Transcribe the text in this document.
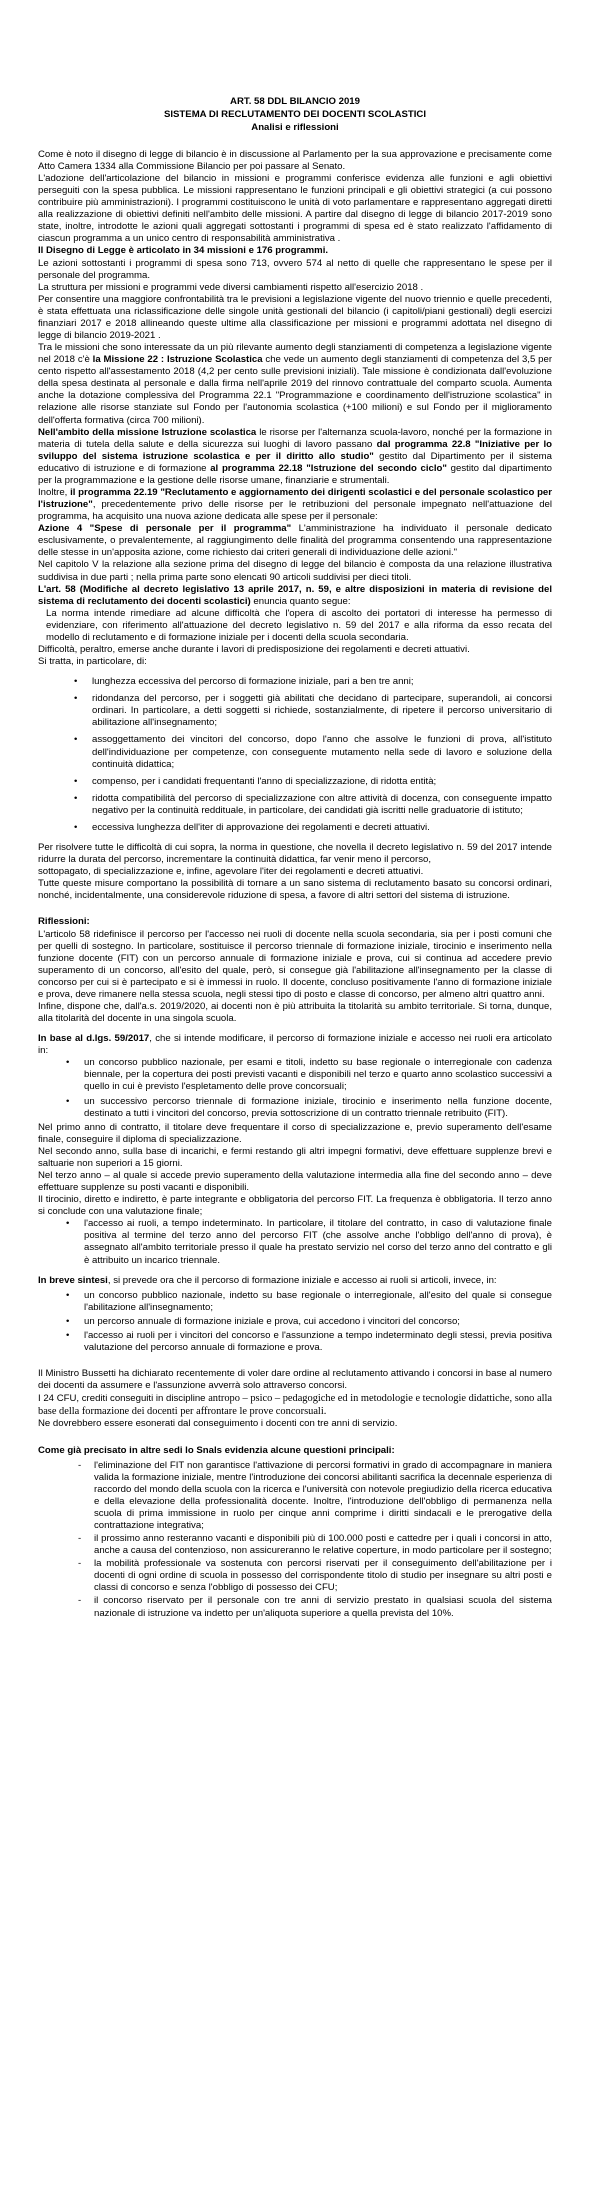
ART. 58 DDL BILANCIO 2019
SISTEMA DI RECLUTAMENTO DEI DOCENTI SCOLASTICI
Analisi e riflessioni

Come è noto il disegno di legge di bilancio è in discussione al Parlamento per la sua approvazione e precisamente come Atto Camera 1334 alla Commissione Bilancio per poi passare al Senato.

L'adozione dell'articolazione del bilancio in missioni e programmi conferisce evidenza alle funzioni e agli obiettivi perseguiti con la spesa pubblica. Le missioni rappresentano le funzioni principali e gli obiettivi strategici (a cui possono contribuire più amministrazioni). I programmi costituiscono le unità di voto parlamentare e rappresentano aggregati diretti alla realizzazione di obiettivi definiti nell'ambito delle missioni. A partire dal disegno di legge di bilancio 2017-2019 sono state, inoltre, introdotte le azioni quali aggregati sottostanti i programmi di spesa ed è stato realizzato l'affidamento di ciascun programma a un unico centro di responsabilità amministrativa .

Il Disegno di Legge è articolato in 34 missioni e 176 programmi.

Le azioni sottostanti i programmi di spesa sono 713, ovvero 574 al netto di quelle che rappresentano le spese per il personale del programma.

La struttura per missioni e programmi vede diversi cambiamenti rispetto all'esercizio 2018 .

Per consentire una maggiore confrontabilità tra le previsioni a legislazione vigente del nuovo triennio e quelle precedenti, è stata effettuata una riclassificazione delle singole unità gestionali del bilancio (i capitoli/piani gestionali) degli esercizi finanziari 2017 e 2018 allineando queste ultime alla classificazione per missioni e programmi adottata nel disegno di legge di bilancio 2019-2021 .

Tra le missioni che sono interessate da un più rilevante aumento degli stanziamenti di competenza a legislazione vigente nel 2018 c'è la Missione 22 : Istruzione Scolastica che vede un aumento degli stanziamenti di competenza del 3,5 per cento rispetto all'assestamento 2018 (4,2 per cento sulle previsioni iniziali). Tale missione è condizionata dall'evoluzione della spesa destinata al personale e dalla firma nell'aprile 2019 del rinnovo contrattuale del comparto scuola. Aumenta anche la dotazione complessiva del Programma 22.1 "Programmazione e coordinamento dell'istruzione scolastica" in relazione alle risorse stanziate sul Fondo per l'autonomia scolastica (+100 milioni) e sul Fondo per il miglioramento dell'offerta formativa (circa 700 milioni).

Nell'ambito della missione Istruzione scolastica le risorse per l'alternanza scuola-lavoro, nonché per la formazione in materia di tutela della salute e della sicurezza sui luoghi di lavoro passano dal programma 22.8 "Iniziative per lo sviluppo del sistema istruzione scolastica e per il diritto allo studio" gestito dal Dipartimento per il sistema educativo di istruzione e di formazione al programma 22.18 "Istruzione del secondo ciclo" gestito dal dipartimento per la programmazione e la gestione delle risorse umane, finanziarie e strumentali.

Inoltre, il programma 22.19 "Reclutamento e aggiornamento dei dirigenti scolastici e del personale scolastico per l'istruzione", precedentemente privo delle risorse per le retribuzioni del personale impegnato nell'attuazione del programma, ha acquisito una nuova azione dedicata alle spese per il personale:

Azione 4 "Spese di personale per il programma" L'amministrazione ha individuato il personale dedicato esclusivamente, o prevalentemente, al raggiungimento delle finalità del programma consentendo una rappresentazione delle stesse in un'apposita azione, come richiesto dai criteri generali di individuazione delle azioni."

Nel capitolo V la relazione alla sezione prima del disegno di legge del bilancio è composta da una relazione illustrativa suddivisa in due parti ; nella prima parte sono elencati 90 articoli suddivisi per dieci titoli.

L'art. 58 (Modifiche al decreto legislativo 13 aprile 2017, n. 59, e altre disposizioni in materia di revisione del sistema di reclutamento dei docenti scolastici) enuncia quanto segue:

La norma intende rimediare ad alcune difficoltà che l'opera di ascolto dei portatori di interesse ha permesso di evidenziare, con riferimento all'attuazione del decreto legislativo n. 59 del 2017 e alla riforma da esso recata del modello di reclutamento e di formazione iniziale per i docenti della scuola secondaria.

Difficoltà, peraltro, emerse anche durante i lavori di predisposizione dei regolamenti e decreti attuativi.

Si tratta, in particolare, di:

• lunghezza eccessiva del percorso di formazione iniziale, pari a ben tre anni;
• ridondanza del percorso, per i soggetti già abilitati che decidano di partecipare, superandoli, ai concorsi ordinari. In particolare, a detti soggetti si richiede, sostanzialmente, di ripetere il percorso universitario di abilitazione all'insegnamento;
• assoggettamento dei vincitori del concorso, dopo l'anno che assolve le funzioni di prova, all'istituto dell'individuazione per competenze, con conseguente mutamento nella sede di lavoro e soluzione della continuità didattica;
• compenso, per i candidati frequentanti l'anno di specializzazione, di ridotta entità;
• ridotta compatibilità del percorso di specializzazione con altre attività di docenza, con conseguente impatto negativo per la continuità reddituale, in particolare, dei candidati già iscritti nelle graduatorie di istituto;
• eccessiva lunghezza dell'iter di approvazione dei regolamenti e decreti attuativi.

Per risolvere tutte le difficoltà di cui sopra, la norma in questione, che novella il decreto legislativo n. 59 del 2017 intende ridurre la durata del percorso, incrementare la continuità didattica, far venir meno il percorso,

sottopagato, di specializzazione e, infine, agevolare l'iter dei regolamenti e decreti attuativi.

Tutte queste misure comportano la possibilità di tornare a un sano sistema di reclutamento basato su concorsi ordinari, nonché, incidentalmente, una considerevole riduzione di spesa, a favore di altri settori del sistema di istruzione.

Riflessioni:

L'articolo 58 ridefinisce il percorso per l'accesso nei ruoli di docente nella scuola secondaria, sia per i posti comuni che per quelli di sostegno. In particolare, sostituisce il percorso triennale di formazione iniziale, tirocinio e inserimento nella funzione docente (FIT) con un percorso annuale di formazione iniziale e prova, cui si continua ad accedere previo superamento di un concorso, all'esito del quale, però, si consegue già l'abilitazione all'insegnamento per la classe di concorso per cui si è partecipato e si è immessi in ruolo. Il docente, concluso positivamente l'anno di formazione iniziale e prova, deve rimanere nella stessa scuola, negli stessi tipo di posto e classe di concorso, per almeno altri quattro anni.

Infine, dispone che, dall'a.s. 2019/2020, ai docenti non è più attribuita la titolarità su ambito territoriale. Si torna, dunque, alla titolarità del docente in una singola scuola.

In base al d.lgs. 59/2017, che si intende modificare, il percorso di formazione iniziale e accesso nei ruoli era articolato in:

• un concorso pubblico nazionale, per esami e titoli, indetto su base regionale o interregionale con cadenza biennale, per la copertura dei posti previsti vacanti e disponibili nel terzo e quarto anno scolastico successivi a quello in cui è previsto l'espletamento delle prove concorsuali;
• un successivo percorso triennale di formazione iniziale, tirocinio e inserimento nella funzione docente, destinato a tutti i vincitori del concorso, previa sottoscrizione di un contratto triennale retribuito (FIT).

Nel primo anno di contratto, il titolare deve frequentare il corso di specializzazione e, previo superamento dell'esame finale, conseguire il diploma di specializzazione.

Nel secondo anno, sulla base di incarichi, e fermi restando gli altri impegni formativi, deve effettuare supplenze brevi e saltuarie non superiori a 15 giorni.

Nel terzo anno – al quale si accede previo superamento della valutazione intermedia alla fine del secondo anno – deve effettuare supplenze su posti vacanti e disponibili.

Il tirocinio, diretto e indiretto, è parte integrante e obbligatoria del percorso FIT. La frequenza è obbligatoria. Il terzo anno si conclude con una valutazione finale;

• l'accesso ai ruoli, a tempo indeterminato. In particolare, il titolare del contratto, in caso di valutazione finale positiva al termine del terzo anno del percorso FIT (che assolve anche l'obbligo dell'anno di prova), è assegnato all'ambito territoriale presso il quale ha prestato servizio nel corso del terzo anno del contratto e gli è attribuito un incarico triennale.

In breve sintesi, si prevede ora che il percorso di formazione iniziale e accesso ai ruoli si articoli, invece, in:

• un concorso pubblico nazionale, indetto su base regionale o interregionale, all'esito del quale si consegue l'abilitazione all'insegnamento;
• un percorso annuale di formazione iniziale e prova, cui accedono i vincitori del concorso;
• l'accesso ai ruoli per i vincitori del concorso e l'assunzione a tempo indeterminato degli stessi, previa positiva valutazione del percorso annuale di formazione e prova.

Il Ministro Bussetti ha dichiarato recentemente di voler dare ordine al reclutamento attivando i concorsi in base al numero dei docenti da assumere e l'assunzione avverrà solo attraverso concorsi.

I 24 CFU, crediti conseguiti in discipline antropo – psico – pedagogiche ed in metodologie e tecnologie didattiche, sono alla base della formazione dei docenti per affrontare le prove concorsuali.

Ne dovrebbero essere esonerati dal conseguimento i docenti con tre anni di servizio.

Come già precisato in altre sedi lo Snals evidenzia alcune questioni principali:

- l'eliminazione del FIT non garantisce l'attivazione di percorsi formativi in grado di accompagnare in maniera valida la formazione iniziale, mentre l'introduzione dei concorsi abilitanti sacrifica la decennale esperienza di raccordo del mondo della scuola con la ricerca e l'università con notevole pregiudizio della ricerca educativa e della elevazione della professionalità docente. Inoltre, l'introduzione dell'obbligo di permanenza nella scuola di prima immissione in ruolo per cinque anni comprime i diritti sindacali e le prerogative della contrattazione integrativa;
- il prossimo anno resteranno vacanti e disponibili più di 100.000 posti e cattedre per i quali i concorsi in atto, anche a causa del contenzioso, non assicureranno le relative coperture, in modo particolare per il sostegno;
- la mobilità professionale va sostenuta con percorsi riservati per il conseguimento dell'abilitazione per i docenti di ogni ordine di scuola in possesso del corrispondente titolo di studio per insegnare su altri posti e classi di concorso e senza l'obbligo di possesso dei CFU;
- il concorso riservato per il personale con tre anni di servizio prestato in qualsiasi scuola del sistema nazionale di istruzione va indetto per un'aliquota superiore a quella prevista del 10%.
